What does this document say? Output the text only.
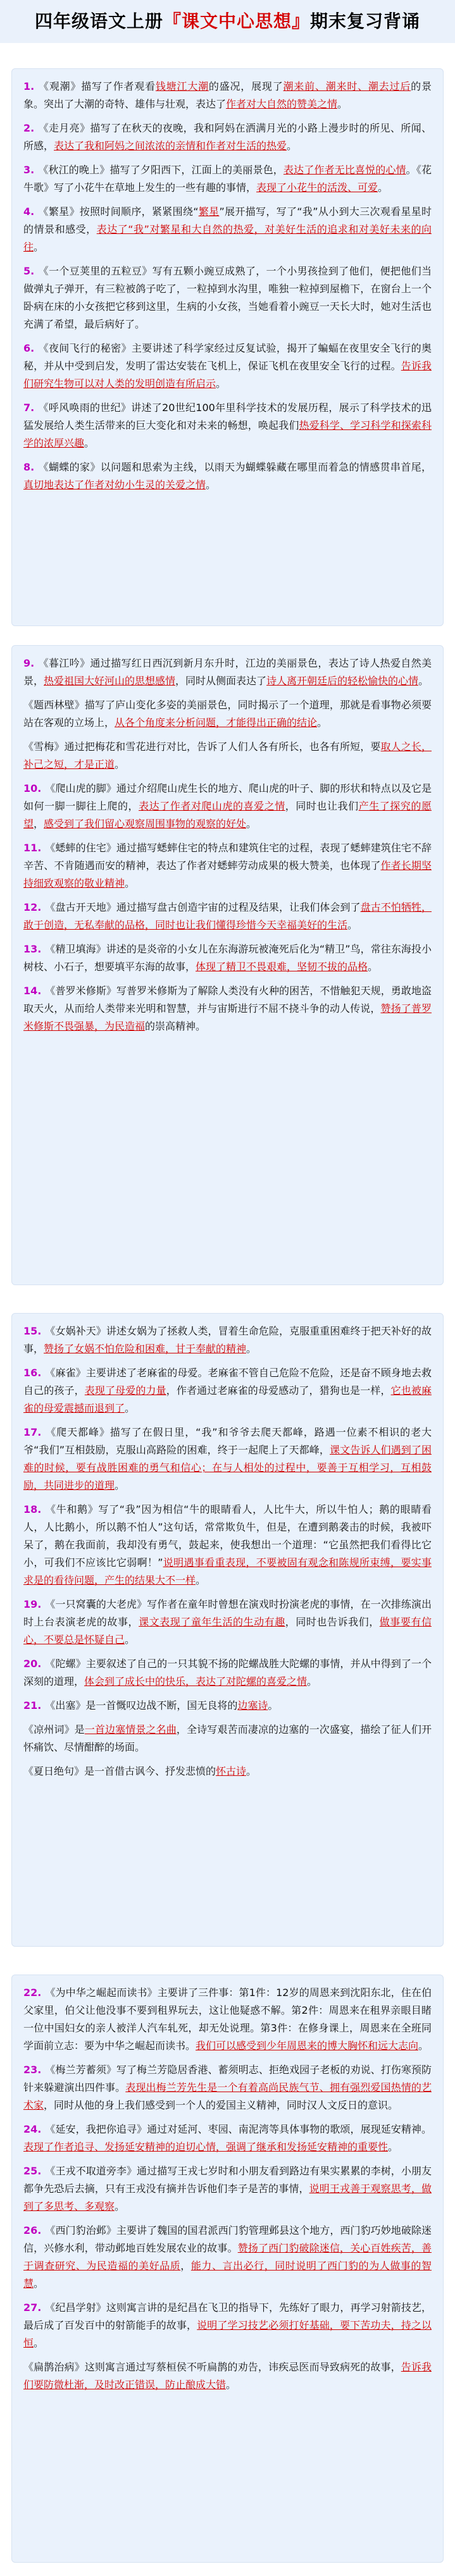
四年级语文上册『课文中心思想』期末复习背诵
1. 《观潮》描写了作者观看钱塘江大潮的盛况，展现了潮来前、潮来时、潮去过后的景象。突出了大潮的奇特、雄伟与壮观，表达了作者对大自然的赞美之情。
2. 《走月亮》描写了在秋天的夜晚，我和阿妈在洒满月光的小路上漫步时的所见、所闻、所感，表达了我和阿妈之间浓浓的亲情和作者对生活的热爱。
3. 《秋江的晚上》描写了夕阳西下，江面上的美丽景色，表达了作者无比喜悦的心情。《花牛歌》写了小花牛在草地上发生的一些有趣的事情，表现了小花牛的活泼、可爱。
4. 《繁星》按照时间顺序，紧紧围绕“繁星”展开描写，写了“我”从小到大三次观看星星时的情景和感受，表达了“我”对繁星和大自然的热爱，对美好生活的追求和对美好未来的向往。
5. 《一个豆荚里的五粒豆》写有五颗小豌豆成熟了，一个小男孩捡到了他们，便把他们当做弹丸子弹开，有三粒被鸽子吃了，一粒掉到水沟里，唯独一粒掉到屋檐下，在窗台上一个卧病在床的小女孩把它移到这里，生病的小女孩，当她看着小豌豆一天长大时，她对生活也充满了希望，最后病好了。
6. 《夜间飞行的秘密》主要讲述了科学家经过反复试验，揭开了蝙蝠在夜里安全飞行的奥秘，并从中受到启发，发明了雷达安装在飞机上，保证飞机在夜里安全飞行的过程。告诉我们研究生物可以对人类的发明创造有所启示。
7. 《呼风唤雨的世纪》讲述了20世纪100年里科学技术的发展历程，展示了科学技术的迅猛发展给人类生活带来的巨大变化和对未来的畅想，唤起我们热爱科学、学习科学和探索科学的浓厚兴趣。
8. 《蝴蝶的家》以问题和思索为主线，以雨天为蝴蝶躲藏在哪里而着急的情感贯串首尾，真切地表达了作者对幼小生灵的关爱之情。
9. 《暮江吟》通过描写红日西沉到新月东升时，江边的美丽景色，表达了诗人热爱自然美景，热爱祖国大好河山的思想感情，同时从侧面表达了诗人离开朝廷后的轻松愉快的心情。
《题西林壁》描写了庐山变化多姿的美丽景色，同时揭示了一个道理，那就是看事物必须要站在客观的立场上，从各个角度来分析问题，才能得出正确的结论。
《雪梅》通过把梅花和雪花进行对比，告诉了人们人各有所长，也各有所短，要取人之长，补己之短，才是正道。
10. 《爬山虎的脚》通过介绍爬山虎生长的地方、爬山虎的叶子、脚的形状和特点以及它是如何一脚一脚往上爬的，表达了作者对爬山虎的喜爱之情，同时也让我们产生了探究的愿望，感受到了我们留心观察周围事物的观察的好处。
11. 《蟋蟀的住宅》通过描写蟋蟀住宅的特点和建筑住宅的过程，表现了蟋蟀建筑住宅不辞辛苦、不肯随遇而安的精神，表达了作者对蟋蟀劳动成果的极大赞美，也体现了作者长期坚持细致观察的敬业精神。
12. 《盘古开天地》通过描写盘古创造宇宙的过程及结果，让我们体会到了盘古不怕牺牲，敢于创造，无私奉献的品格，同时也让我们懂得珍惜今天幸福美好的生活。
13. 《精卫填海》讲述的是炎帝的小女儿在东海游玩被淹死后化为“精卫”鸟，常往东海投小树枝、小石子，想要填平东海的故事，体现了精卫不畏艰难，坚韧不拔的品格。
14. 《普罗米修斯》写普罗米修斯为了解除人类没有火种的困苦，不惜触犯天规，勇敢地盗取天火，从而给人类带来光明和智慧，并与宙斯进行不屈不挠斗争的动人传说，赞扬了普罗米修斯不畏强暴，为民造福的崇高精神。
15. 《女娲补天》讲述女娲为了拯救人类，冒着生命危险，克服重重困难终于把天补好的故事，赞扬了女娲不怕危险和困难，甘于奉献的精神。
16. 《麻雀》主要讲述了老麻雀的母爱。老麻雀不管自己危险不危险，还是奋不顾身地去救自己的孩子，表现了母爱的力量，作者通过老麻雀的母爱感动了，猎狗也是一样，它也被麻雀的母爱震撼而退到了。
17. 《爬天都峰》描写了在假日里，“我”和爷爷去爬天都峰，路遇一位素不相识的老大爷“我们”互相鼓励，克服山高路险的困难，终于一起爬上了天都峰，课文告诉人们遇到了困难的时候，要有战胜困难的勇气和信心；在与人相处的过程中，要善于互相学习，互相鼓励，共同进步的道理。
18. 《牛和鹅》写了“我”因为相信“牛的眼睛看人，人比牛大，所以牛怕人；鹅的眼睛看人，人比鹅小，所以鹅不怕人”这句话，常常欺负牛，但是，在遭到鹅袭击的时候，我被吓呆了，鹅在我面前，我却没有勇气，鼓起来，使我想出一个道理：“它虽然把我们看得比它小，可我们不应该比它弱啊！”说明遇事看重表现，不要被固有观念和陈规所束缚，要实事求是的看待问题，产生的结果大不一样。
19. 《一只窝囊的大老虎》写作者在童年时曾想在演戏时扮演老虎的事情，在一次排练演出时上台表演老虎的故事，课文表现了童年生活的生动有趣，同时也告诉我们，做事要有信心，不要总是怀疑自己。
20. 《陀螺》主要叙述了自己的一只其貌不扬的陀螺战胜大陀螺的事情，并从中得到了一个深刻的道理，体会到了成长中的快乐，表达了对陀螺的喜爱之情。
21. 《出塞》是一首慨叹边战不断，国无良将的边塞诗。
《凉州词》是一首边塞情景之名曲，全诗写艰苦而凄凉的边塞的一次盛宴，描绘了征人们开怀痛饮、尽情酣醉的场面。
《夏日绝句》是一首借古讽今、抒发悲愤的怀古诗。
22. 《为中华之崛起而读书》主要讲了三件事：第1件：12岁的周恩来到沈阳东北，住在伯父家里，伯父让他没事不要到租界玩去，这让他疑惑不解。第2件：周恩来在租界亲眼目睹一位中国妇女的亲人被洋人汽车轧死，却无处说理。第3件：在修身课上，周恩来在全班同学面前立志：要为中华之崛起而读书。我们可以感受到少年周恩来的博大胸怀和远大志向。
23. 《梅兰芳蓄须》写了梅兰芳隐居香港、蓄须明志、拒绝戏园子老板的劝说、打伤寒预防针来躲避演出四件事。表现出梅兰芳先生是一个有着高尚民族气节、拥有强烈爱国热情的艺术家，同时从他的身上我们感受到一个人的爱国主义精神，同时汉人文反日的意识。
24. 《延安，我把你追寻》通过对延河、枣园、南泥湾等具体事物的歌颂，展现延安精神。表现了作者追寻、发扬延安精神的迫切心情，强调了继承和发扬延安精神的重要性。
25. 《王戎不取道旁李》通过描写王戎七岁时和小朋友看到路边有果实累累的李树，小朋友都争先恐后去摘，只有王戎没有摘并告诉他们李子是苦的事情，说明王戎善于观察思考，做到了多思考、多观察。
26. 《西门豹治邺》主要讲了魏国的国君派西门豹管理邺县这个地方，西门豹巧妙地破除迷信，兴修水利，带动邺地百姓发展农业的故事。赞扬了西门豹破除迷信，关心百姓疾苦，善于调查研究、为民造福的美好品质，能力、言出必行，同时说明了西门豹的为人做事的智慧。
27. 《纪昌学射》这则寓言讲的是纪昌在飞卫的指导下，先练好了眼力，再学习射箭技艺，最后成了百发百中的射箭能手的故事，说明了学习技艺必须打好基础，要下苦功夫，持之以恒。
《扁鹊治病》这则寓言通过写蔡桓侯不听扁鹊的劝告，讳疾忌医而导致病死的故事，告诉我们要防微杜渐，及时改正错误，防止酿成大错。
